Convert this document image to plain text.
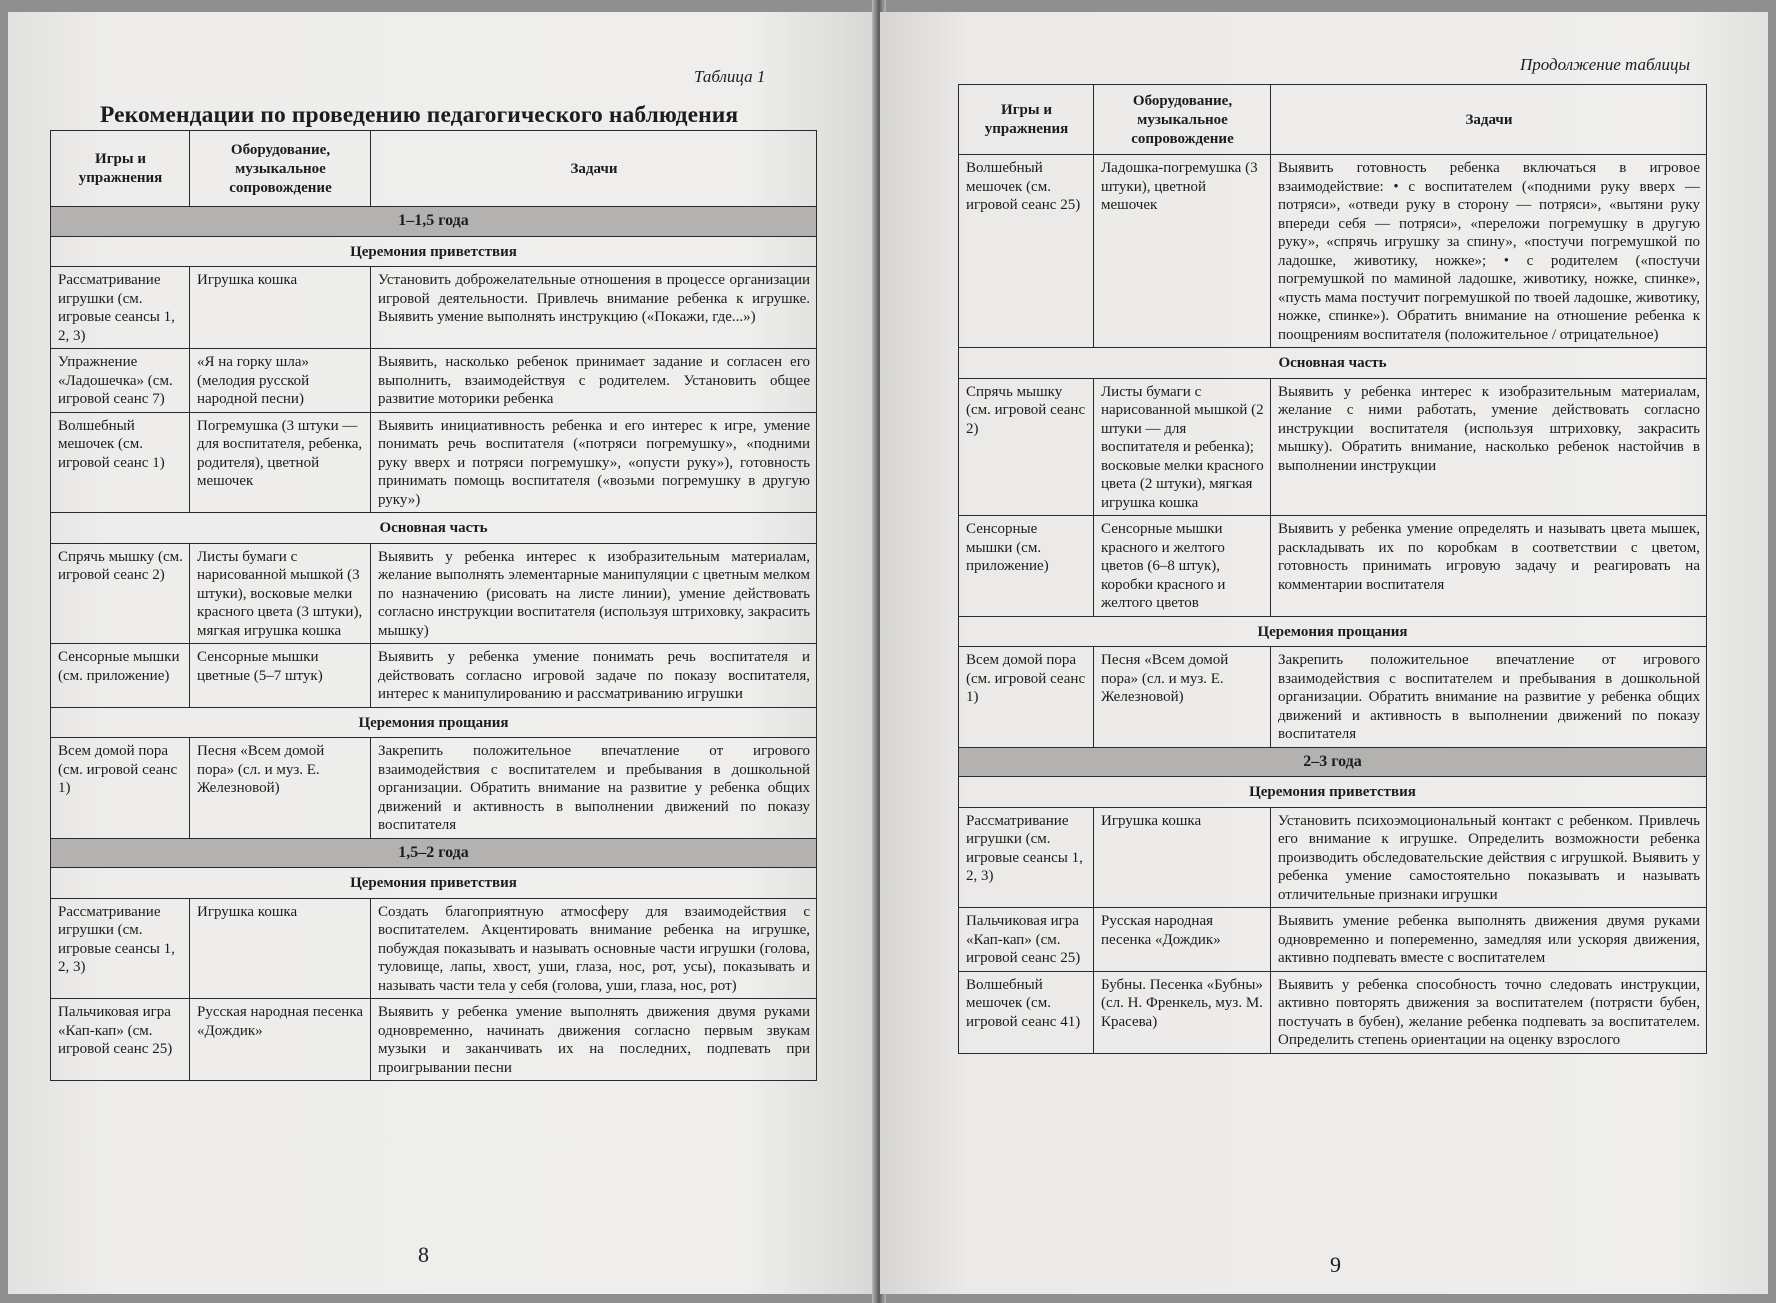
Таблица 1
Рекомендации по проведению педагогического наблюдения
Игры и упражнения	Оборудование, музыкальное сопровождение	Задачи
1–1,5 года		
Церемония приветствия		
Рассматривание игрушки (см. игровые сеансы 1, 2, 3)	Игрушка кошка	Установить доброжелательные отношения в процессе организации игровой деятельности. Привлечь внимание ребенка к игрушке. Выявить умение выполнять инструкцию («Покажи, где...»)
Упражнение «Ладошечка» (см. игровой сеанс 7)	«Я на горку шла» (мелодия русской народной песни)	Выявить, насколько ребенок принимает задание и согласен его выполнить, взаимодействуя с родителем. Установить общее развитие моторики ребенка
Волшебный мешочек (см. игровой сеанс 1)	Погремушка (3 штуки — для воспитателя, ребенка, родителя), цветной мешочек	Выявить инициативность ребенка и его интерес к игре, умение понимать речь воспитателя («потряси погремушку», «подними руку вверх и потряси погремушку», «опусти руку»), готовность принимать помощь воспитателя («возьми погремушку в другую руку»)
Основная часть		
Спрячь мышку (см. игровой сеанс 2)	Листы бумаги с нарисованной мышкой (3 штуки), восковые мелки красного цвета (3 штуки), мягкая игрушка кошка	Выявить у ребенка интерес к изобразительным материалам, желание выполнять элементарные манипуляции с цветным мелком по назначению (рисовать на листе линии), умение действовать согласно инструкции воспитателя (используя штриховку, закрасить мышку)
Сенсорные мышки (см. приложение)	Сенсорные мышки цветные (5–7 штук)	Выявить у ребенка умение понимать речь воспитателя и действовать согласно игровой задаче по показу воспитателя, интерес к манипулированию и рассматриванию игрушки
Церемония прощания		
Всем домой пора (см. игровой сеанс 1)	Песня «Всем домой пора» (сл. и муз. Е. Железновой)	Закрепить положительное впечатление от игрового взаимодействия с воспитателем и пребывания в дошкольной организации. Обратить внимание на развитие у ребенка общих движений и активность в выполнении движений по показу воспитателя
1,5–2 года		
Церемония приветствия		
Рассматривание игрушки (см. игровые сеансы 1, 2, 3)	Игрушка кошка	Создать благоприятную атмосферу для взаимодействия с воспитателем. Акцентировать внимание ребенка на игрушке, побуждая показывать и называть основные части игрушки (голова, туловище, лапы, хвост, уши, глаза, нос, рот, усы), показывать и называть части тела у себя (голова, уши, глаза, нос, рот)
Пальчиковая игра «Кап-кап» (см. игровой сеанс 25)	Русская народная песенка «Дождик»	Выявить у ребенка умение выполнять движения двумя руками одновременно, начинать движения согласно первым звукам музыки и заканчивать их на последних, подпевать при проигрывании песни
8
Продолжение таблицы
Игры и упражнения	Оборудование, музыкальное сопровождение	Задачи
Волшебный мешочек (см. игровой сеанс 25)	Ладошка-погремушка (3 штуки), цветной мешочек	Выявить готовность ребенка включаться в игровое взаимодействие: • с воспитателем («подними руку вверх — потряси», «отведи руку в сторону — потряси», «вытяни руку впереди себя — потряси», «переложи погремушку в другую руку», «спрячь игрушку за спину», «постучи погремушкой по ладошке, животику, ножке»; • с родителем («постучи погремушкой по маминой ладошке, животику, ножке, спинке», «пусть мама постучит погремушкой по твоей ладошке, животику, ножке, спинке»). Обратить внимание на отношение ребенка к поощрениям воспитателя (положительное / отрицательное)
Основная часть		
Спрячь мышку (см. игровой сеанс 2)	Листы бумаги с нарисованной мышкой (2 штуки — для воспитателя и ребенка); восковые мелки красного цвета (2 штуки), мягкая игрушка кошка	Выявить у ребенка интерес к изобразительным материалам, желание с ними работать, умение действовать согласно инструкции воспитателя (используя штриховку, закрасить мышку). Обратить внимание, насколько ребенок настойчив в выполнении инструкции
Сенсорные мышки (см. приложение)	Сенсорные мышки красного и желтого цветов (6–8 штук), коробки красного и желтого цветов	Выявить у ребенка умение определять и называть цвета мышек, раскладывать их по коробкам в соответствии с цветом, готовность принимать игровую задачу и реагировать на комментарии воспитателя
Церемония прощания		
Всем домой пора (см. игровой сеанс 1)	Песня «Всем домой пора» (сл. и муз. Е. Железновой)	Закрепить положительное впечатление от игрового взаимодействия с воспитателем и пребывания в дошкольной организации. Обратить внимание на развитие у ребенка общих движений и активность в выполнении движений по показу воспитателя
2–3 года		
Церемония приветствия		
Рассматривание игрушки (см. игровые сеансы 1, 2, 3)	Игрушка кошка	Установить психоэмоциональный контакт с ребенком. Привлечь его внимание к игрушке. Определить возможности ребенка производить обследовательские действия с игрушкой. Выявить у ребенка умение самостоятельно показывать и называть отличительные признаки игрушки
Пальчиковая игра «Кап-кап» (см. игровой сеанс 25)	Русская народная песенка «Дождик»	Выявить умение ребенка выполнять движения двумя руками одновременно и попеременно, замедляя или ускоряя движения, активно подпевать вместе с воспитателем
Волшебный мешочек (см. игровой сеанс 41)	Бубны. Песенка «Бубны» (сл. Н. Френкель, муз. М. Красева)	Выявить у ребенка способность точно следовать инструкции, активно повторять движения за воспитателем (потрясти бубен, постучать в бубен), желание ребенка подпевать за воспитателем. Определить степень ориентации на оценку взрослого
9
